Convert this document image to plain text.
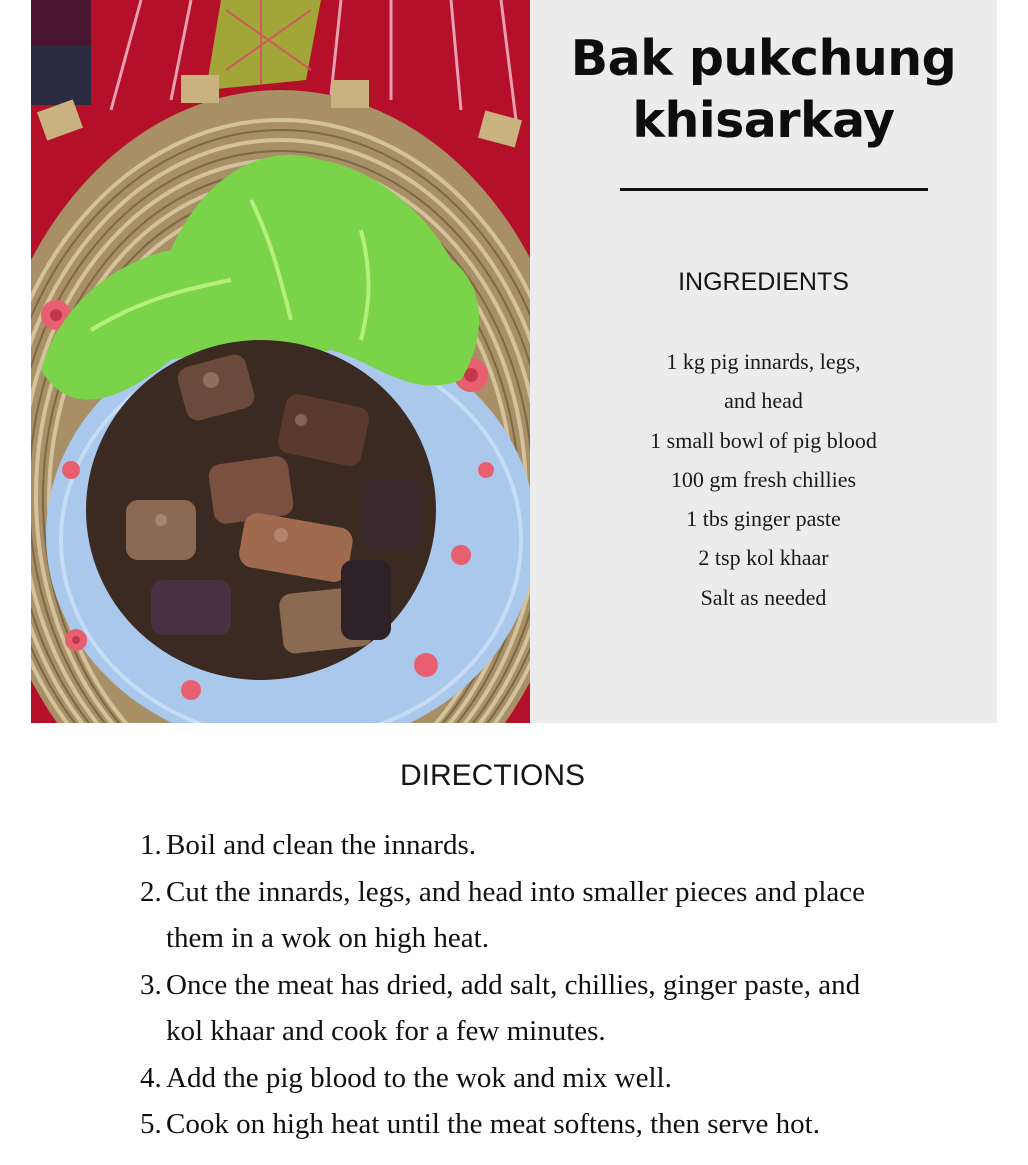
Bak pukchung
khisarkay
INGREDIENTS
1 kg pig innards, legs,
and head
1 small bowl of pig blood
100 gm fresh chillies
1 tbs ginger paste
2 tsp kol khaar
Salt as needed
DIRECTIONS
1. Boil and clean the innards.
2. Cut the innards, legs, and head into smaller pieces and place them in a wok on high heat.
3. Once the meat has dried, add salt, chillies, ginger paste, and kol khaar and cook for a few minutes.
4. Add the pig blood to the wok and mix well.
5. Cook on high heat until the meat softens, then serve hot.
